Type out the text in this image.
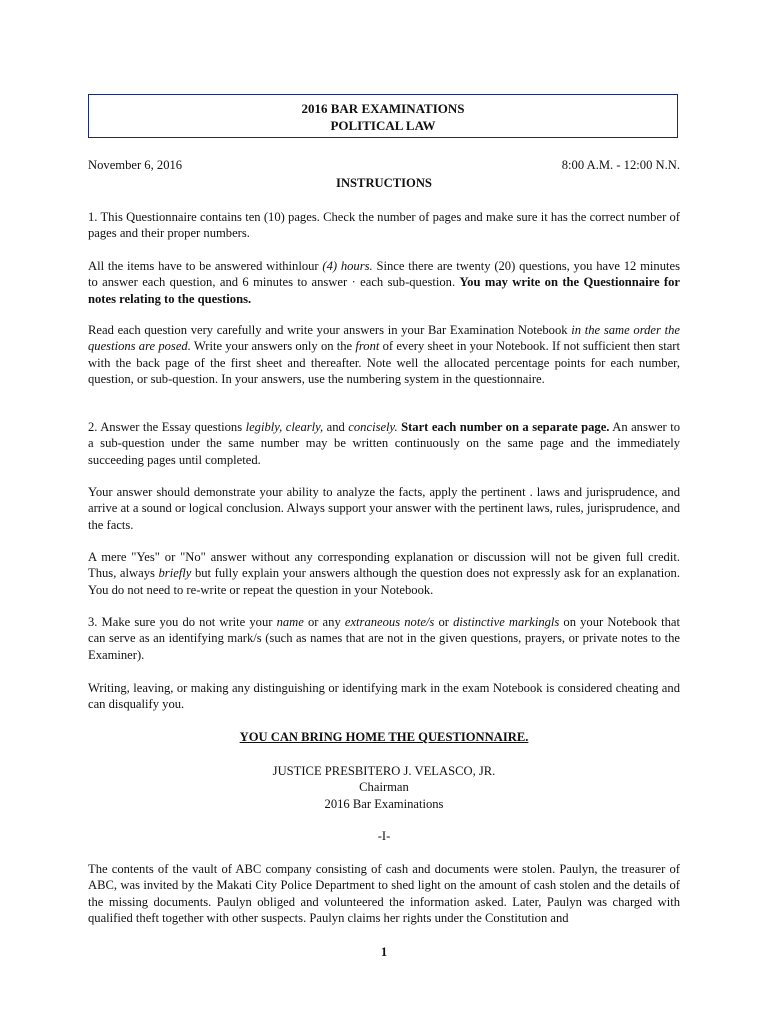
2016 BAR EXAMINATIONS
POLITICAL LAW
November 6, 2016	8:00 A.M. - 12:00 N.N.
INSTRUCTIONS

1. This Questionnaire contains ten (10) pages. Check the number of pages and make sure it has the correct number of pages and their proper numbers.

All the items have to be answered withinlour (4) hours. Since there are twenty (20) questions, you have 12 minutes to answer each question, and 6 minutes to answer · each sub-question. You may write on the Questionnaire for notes relating to the questions.

Read each question very carefully and write your answers in your Bar Examination Notebook in the same order the questions are posed. Write your answers only on the front of every sheet in your Notebook. If not sufficient then start with the back page of the first sheet and thereafter. Note well the allocated percentage points for each number, question, or sub-question. In your answers, use the numbering system in the questionnaire.

2. Answer the Essay questions legibly, clearly, and concisely. Start each number on a separate page. An answer to a sub-question under the same number may be written continuously on the same page and the immediately succeeding pages until completed.

Your answer should demonstrate your ability to analyze the facts, apply the pertinent . laws and jurisprudence, and arrive at a sound or logical conclusion. Always support your answer with the pertinent laws, rules, jurisprudence, and the facts.

A mere "Yes" or "No" answer without any corresponding explanation or discussion will not be given full credit. Thus, always briefly but fully explain your answers although the question does not expressly ask for an explanation. You do not need to re-write or repeat the question in your Notebook.

3. Make sure you do not write your name or any extraneous note/s or distinctive markingls on your Notebook that can serve as an identifying mark/s (such as names that are not in the given questions, prayers, or private notes to the Examiner).

Writing, leaving, or making any distinguishing or identifying mark in the exam Notebook is considered cheating and can disqualify you.

YOU CAN BRING HOME THE QUESTIONNAIRE.
JUSTICE PRESBITERO J. VELASCO, JR.
Chairman
2016 Bar Examinations
-I-

The contents of the vault of ABC company consisting of cash and documents were stolen. Paulyn, the treasurer of ABC, was invited by the Makati City Police Department to shed light on the amount of cash stolen and the details of the missing documents. Paulyn obliged and volunteered the information asked. Later, Paulyn was charged with qualified theft together with other suspects. Paulyn claims her rights under the Constitution and

1
